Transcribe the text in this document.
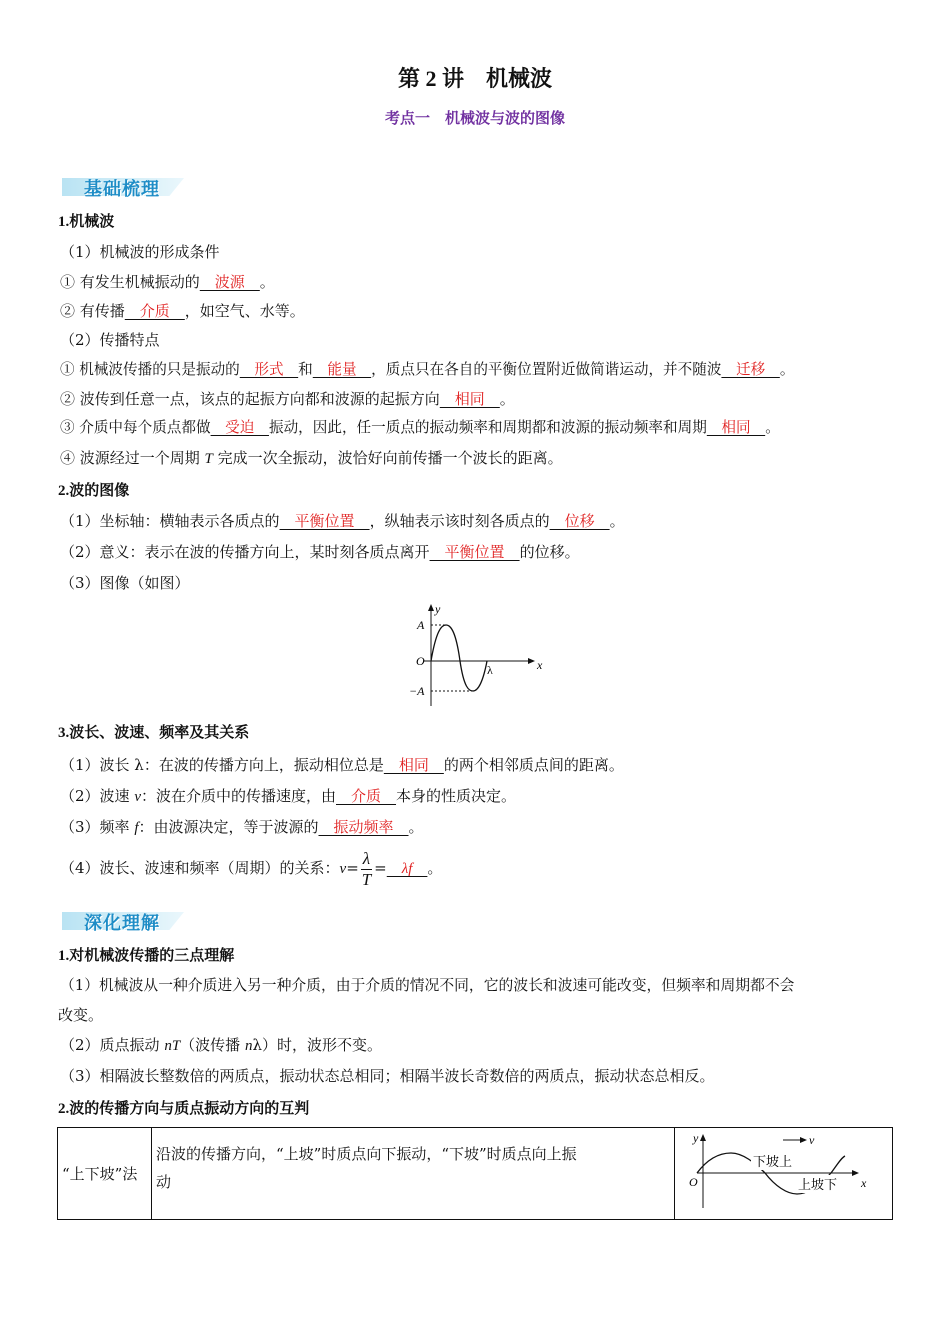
第 2 讲　机械波
考点一　机械波与波的图像
基础梳理
1.机械波
（1）机械波的形成条件
① 有发生机械振动的　波源　。
② 有传播　介质　，如空气、水等。
（2）传播特点
① 机械波传播的只是振动的　形式　和　能量　，质点只在各自的平衡位置附近做简谐运动，并不随波　迁移　。
② 波传到任意一点，该点的起振方向都和波源的起振方向　相同　。
③ 介质中每个质点都做　受迫　振动，因此，任一质点的振动频率和周期都和波源的振动频率和周期　相同　。
④ 波源经过一个周期 T 完成一次全振动，波恰好向前传播一个波长的距离。
2.波的图像
（1）坐标轴：横轴表示各质点的　平衡位置　，纵轴表示该时刻各质点的　位移　。
（2）意义：表示在波的传播方向上，某时刻各质点离开　平衡位置　的位移。
（3）图像（如图）
y
x
A
O
−A
λ
3.波长、波速、频率及其关系
（1）波长 λ：在波的传播方向上，振动相位总是　相同　的两个相邻质点间的距离。
（2）波速 v：波在介质中的传播速度，由　介质　本身的性质决定。
（3）频率 f：由波源决定，等于波源的　振动频率　。
（4）波长、波速和频率（周期）的关系：$v= \frac{\lambda}{T}$ =　λf　。
深化理解
1.对机械波传播的三点理解
（1）机械波从一种介质进入另一种介质，由于介质的情况不同，它的波长和波速可能改变，但频率和周期都不会
改变。
（2）质点振动 nT（波传播 nλ）时，波形不变。
（3）相隔波长整数倍的两质点，振动状态总相同；相隔半波长奇数倍的两质点，振动状态总相反。
2.波的传播方向与质点振动方向的互判
“上下坡”法	
沿波的传播方向，“上坡”时质点向下振动，“下坡”时质点向上振
动

y
x
O
v
下坡上
上坡下
